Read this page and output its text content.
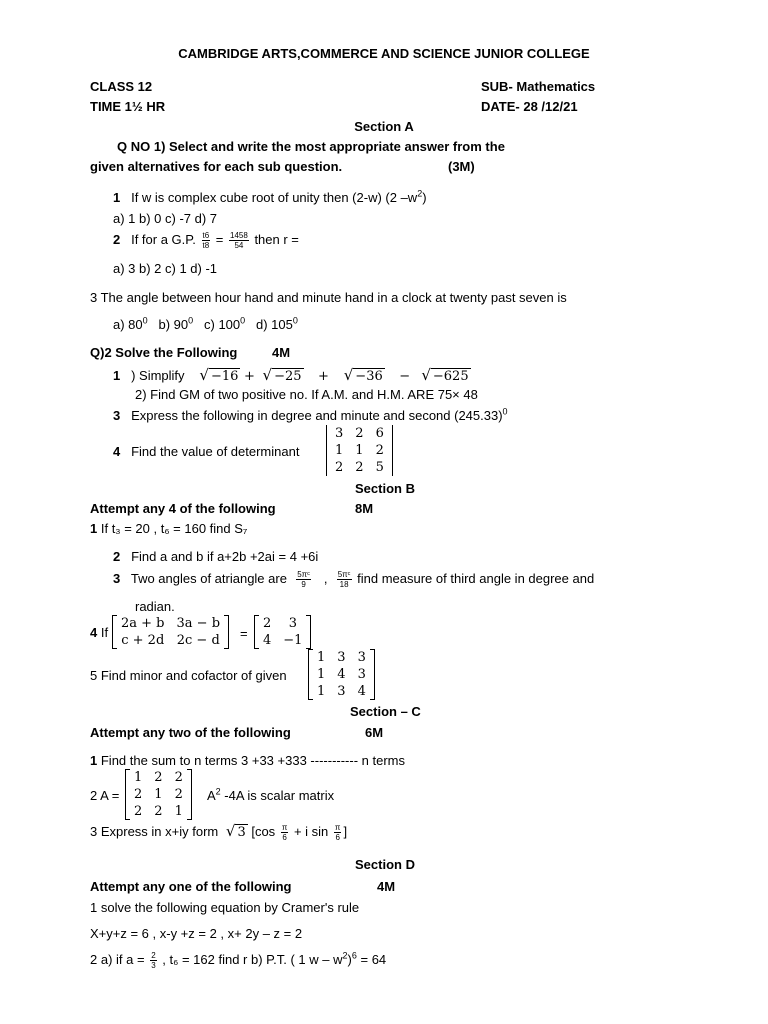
CAMBRIDGE ARTS,COMMERCE AND SCIENCE JUNIOR COLLEGE
CLASS 12	SUB- Mathematics
TIME 1½ HR	DATE- 28 /12/21
Section A
Q NO 1) Select and write the most appropriate answer from the
given alternatives for each sub question.	(3M)
1 If w is complex cube root of unity then (2-w) (2 $-w^2$)
a) 1 b) 0 c) -7 d) 7
2 If for a G.P. $\frac{t6}{t8} = \frac{1458}{54}$ then r =
a) 3 b) 2 c) 1 d) -1
3 The angle between hour hand and minute hand in a clock at twenty past seven is
a) $80^0$ b) $90^0$ c) $100^0$ d) $105^0$
Q)2 Solve the Following	4M
1 ) Simplify √ −16 + √ −25 + √ −36 − √ −625
2) Find GM of two positive no. If A.M. and H.M. ARE 75× 48
3 Express the following in degree and minute and second $(245.33)^0$
4 Find the value of determinant
3	2	6
1	1	2
2	2	5
Section B
Attempt any 4 of the following	8M
1 If t₃ = 20 , t₆ = 160 find S₇
2 Find a and b if a+2b +2ai = 4 +6i
3 Two angles of atriangle are $\frac{\text{5πᶜ}}{9}$ , $\frac{\text{5πᶜ}}{18}$ find measure of third angle in degree and
radian.
4 If
2a + b	3a − b
c + 2d	2c − d =
2	3
4	−1
5 Find minor and cofactor of given
1	3	3
1	4	3
1	3	4
Section – C
Attempt any two of the following	6M
1 Find the sum to n terms 3 +33 +333 ----------- n terms
2 A =
1	2	2
2	1	2
2	2	1
$A^2$ -4A is scalar matrix
3 Express in x+iy form √ 3 [$\cos \frac{\pi}{6} + i$ $\sin \frac{\pi}{6}$ ]
Section D
Attempt any one of the following	4M
1 solve the following equation by Cramer's rule
X+y+z = 6 , x-y +z = 2 , x+ 2y – z = 2
2 a) if $a = \frac{2}{3}$ , t₆ = 162 find r b) P.T. ( 1 $w - w^2)^6 = 64$
